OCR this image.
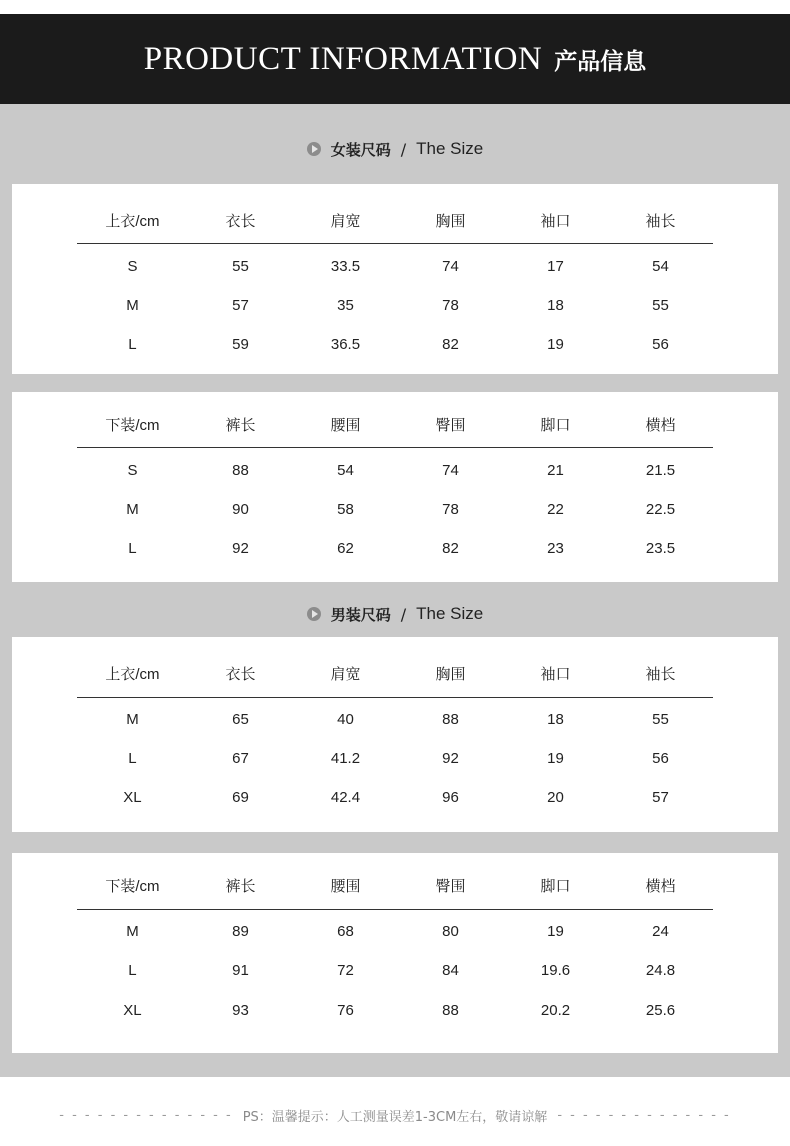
PRODUCT INFORMATION 产品信息
女装尺码 / The Size
上衣/cm	衣长	肩宽	胸围	袖口	袖长
S	55	33.5	74	17	54
M	57	35	78	18	55
L	59	36.5	82	19	56
下装/cm	裤长	腰围	臀围	脚口	横档
S	88	54	74	21	21.5
M	90	58	78	22	22.5
L	92	62	82	23	23.5
男装尺码 / The Size
上衣/cm	衣长	肩宽	胸围	袖口	袖长
M	65	40	88	18	55
L	67	41.2	92	19	56
XL	69	42.4	96	20	57
下装/cm	裤长	腰围	臀围	脚口	横档
M	89	68	80	19	24
L	91	72	84	19.6	24.8
XL	93	76	88	20.2	25.6
- - - - - - - - - - - - - - PS：温馨提示：人工测量误差1-3CM左右，敬请谅解 - - - - - - - - - - - - - -
